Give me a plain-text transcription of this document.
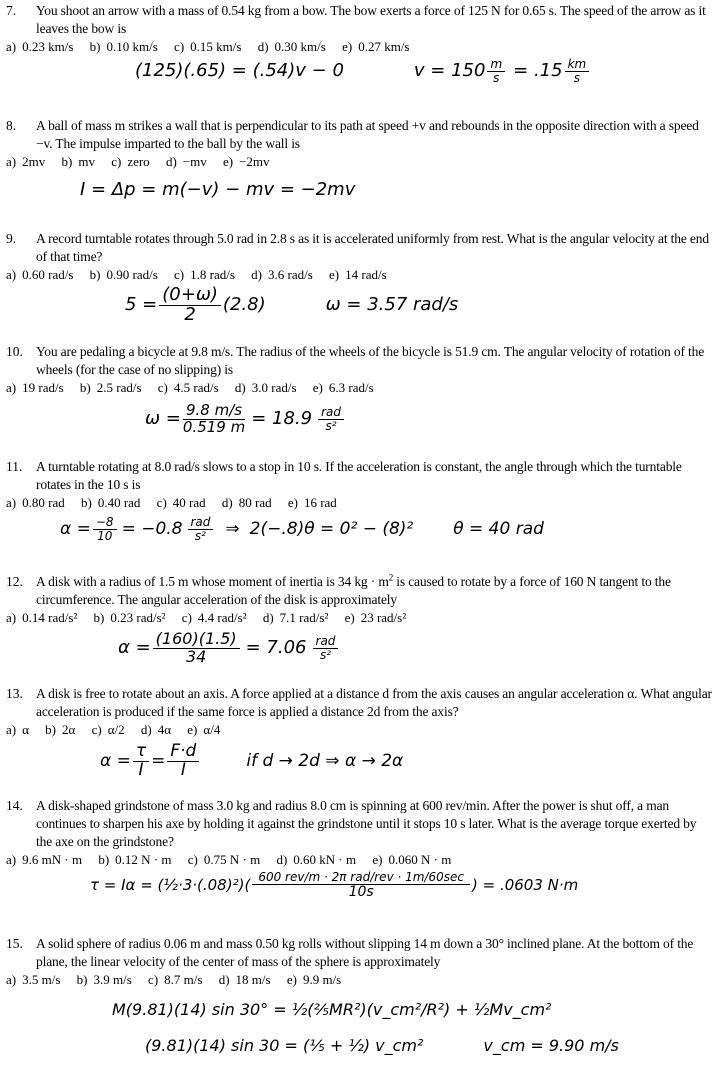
7. You shoot an arrow with a mass of 0.54 kg from a bow. The bow exerts a force of 125 N for 0.65 s. The speed of the arrow as it leaves the bow is
a) 0.23 km/s b) 0.10 km/s c) 0.15 km/s d) 0.30 km/s e) 0.27 km/s
(125)(.65) = (.54)v − 0	$v = 150 \frac{m}{s} = .15 \frac{km}{s}$
8. A ball of mass m strikes a wall that is perpendicular to its path at speed +v and rebounds in the opposite direction with a speed −v. The impulse imparted to the ball by the wall is
a) 2mv b) mv c) zero d) −mv e) −2mv
I = Δp = m(−v) − mv = −2mv
9. A record turntable rotates through 5.0 rad in 2.8 s as it is accelerated uniformly from rest. What is the angular velocity at the end of that time?
a) 0.60 rad/s b) 0.90 rad/s c) 1.8 rad/s d) 3.6 rad/s e) 14 rad/s
$5 = \frac{(0+\omega)}{2} (2.8)$	ω = 3.57 rad/s
10. You are pedaling a bicycle at 9.8 m/s. The radius of the wheels of the bicycle is 51.9 cm. The angular velocity of rotation of the wheels (for the case of no slipping) is
a) 19 rad/s b) 2.5 rad/s c) 4.5 rad/s d) 3.0 rad/s e) 6.3 rad/s
$\omega = \frac{9.8 m/s}{0.519 m} = 18.9 \frac{\text{rad}}{\text{s²}}$
11. A turntable rotating at 8.0 rad/s slows to a stop in 10 s. If the acceleration is constant, the angle through which the turntable rotates in the 10 s is
a) 0.80 rad b) 0.40 rad c) 40 rad d) 80 rad e) 16 rad
$\alpha = \frac{-8}{10} = -0.8 \frac{\text{rad}}{\text{s²}}$ ⇒ 2(−.8)θ = 0² − (8)² θ = 40 rad
12. A disk with a radius of 1.5 m whose moment of inertia is 34 kg · $m^2$ is caused to rotate by a force of 160 N tangent to the circumference. The angular acceleration of the disk is approximately
a) 0.14 rad/s² b) 0.23 rad/s² c) 4.4 rad/s² d) 7.1 rad/s² e) 23 rad/s²
$\alpha = \frac{(160)(1.5)}{34} = 7.06 \frac{\text{rad}}{\text{s²}}$
13. A disk is free to rotate about an axis. A force applied at a distance d from the axis causes an angular acceleration α. What angular acceleration is produced if the same force is applied a distance 2d from the axis?
a) α b) 2α c) α/2 d) 4α e) α/4
$\alpha = \frac{\tau}{I} = \frac{F\cdot d}{I}$	if d → 2d ⇒ α → 2α
14. A disk-shaped grindstone of mass 3.0 kg and radius 8.0 cm is spinning at 600 rev/min. After the power is shut off, a man continues to sharpen his axe by holding it against the grindstone until it stops 10 s later. What is the average torque exerted by the axe on the grindstone?
a) 9.6 mN · m b) 0.12 N · m c) 0.75 N · m d) 0.60 kN · m e) 0.060 N · m
τ = Iα = (½·3·(.08)²)( $\frac{\text{600 rev/m · 2π rad/rev · 1m/60sec}}{10s}$ ) = .0603 N·m
15. A solid sphere of radius 0.06 m and mass 0.50 kg rolls without slipping 14 m down a 30° inclined plane. At the bottom of the plane, the linear velocity of the center of mass of the sphere is approximately
a) 3.5 m/s b) 3.9 m/s c) 8.7 m/s d) 18 m/s e) 9.9 m/s
M(9.81)(14) sin 30° = ½(⅖MR²)(v_cm²/R²) + ½Mv_cm²
(9.81)(14) sin 30 = (⅕ + ½) v_cm²	v_cm = 9.90 m/s
